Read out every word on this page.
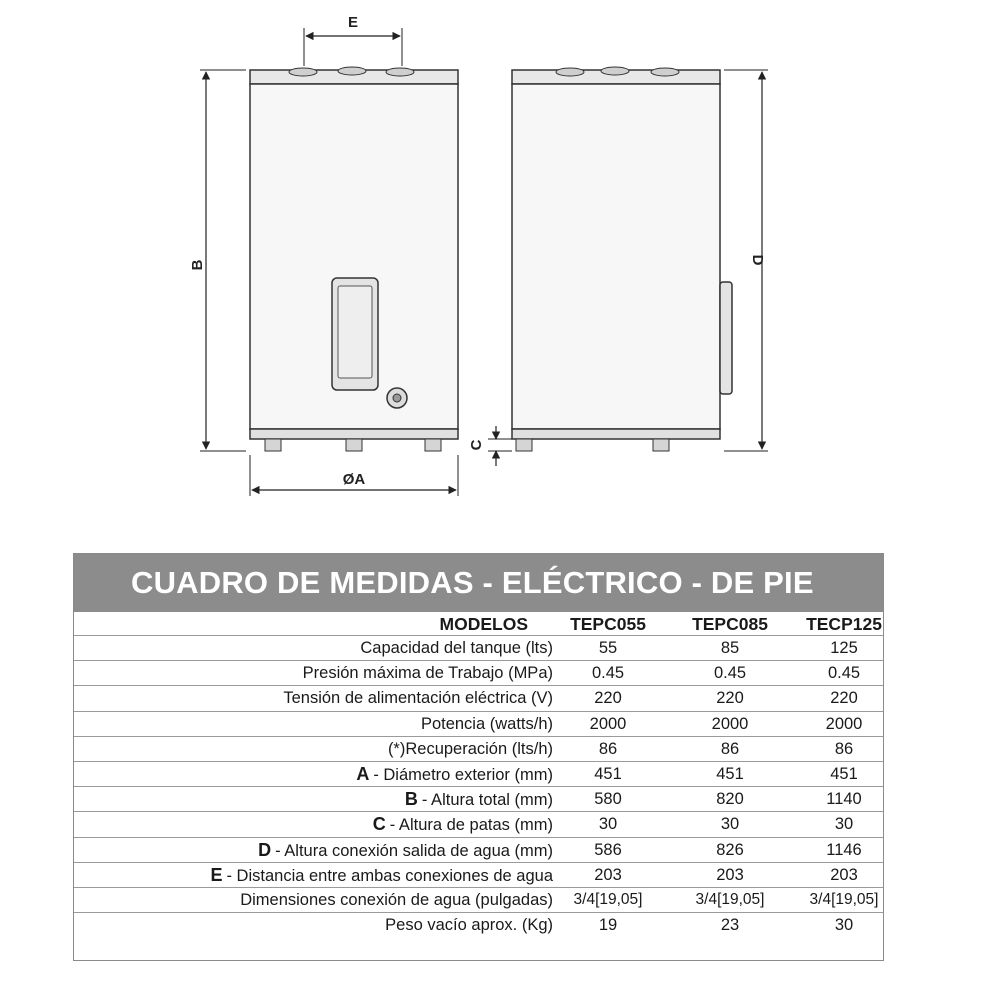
E
B	D
C
ØA
CUADRO DE MEDIDAS - ELÉCTRICO - DE PIE
MODELOS	TEPC055	TEPC085	TECP125
Capacidad del tanque (lts)	55	85	125
Presión máxima de Trabajo (MPa)	0.45	0.45	0.45
Tensión de alimentación eléctrica (V)	220	220	220
Potencia (watts/h)	2000	2000	2000
(*)Recuperación (lts/h)	86	86	86
A - Diámetro exterior (mm)	451	451	451
B - Altura total (mm)	580	820	1140
C - Altura de patas (mm)	30	30	30
D - Altura conexión salida de agua (mm)	586	826	1146
E - Distancia entre ambas conexiones de agua	203	203	203
Dimensiones conexión de agua (pulgadas)	3/4[19,05]	3/4[19,05]	3/4[19,05]
Peso vacío aprox. (Kg)	19	23	30
